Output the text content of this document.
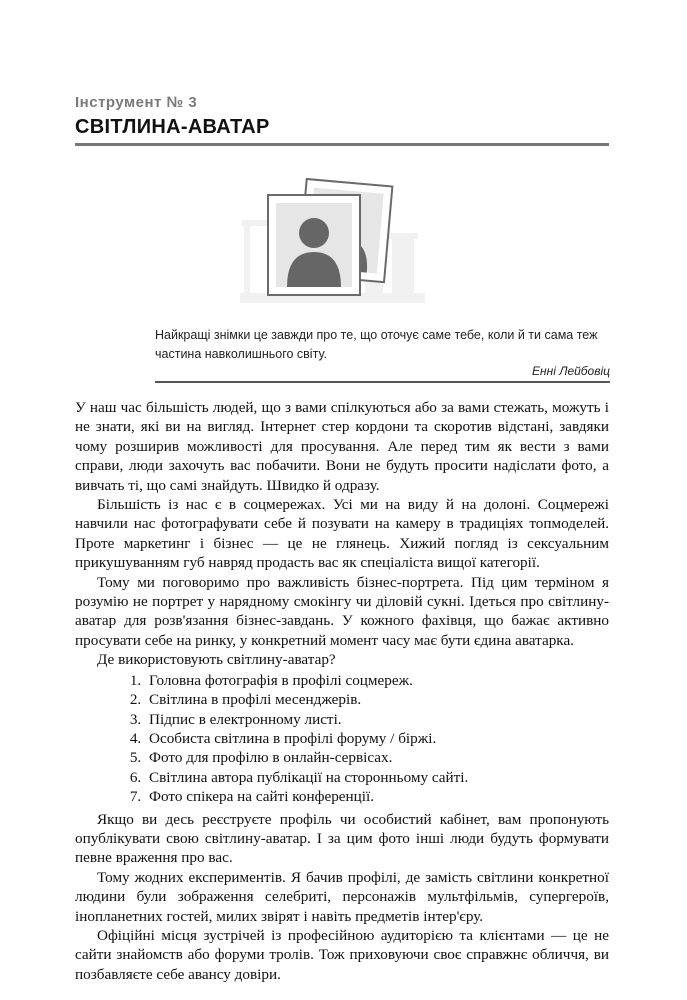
Інструмент № 3
СВІТЛИНА-АВАТАР
Найкращі знімки це завжди про те, що оточує саме тебе, коли й ти сама теж частина навколишнього світу.
Енні Лейбовіц

У наш час більшість людей, що з вами спілкуються або за вами стежать, можуть і не знати, які ви на вигляд. Інтернет стер кордони та скоротив відстані, завдяки чому розширив можливості для просування. Але перед тим як вести з вами справи, люди захочуть вас побачити. Вони не будуть просити надіслати фото, а вивчать ті, що самі знайдуть. Швидко й одразу.

Більшість із нас є в соцмережах. Усі ми на виду й на долоні. Соцмережі навчили нас фотографувати себе й позувати на камеру в традиціях топмоделей. Проте маркетинг і бізнес — це не глянець. Хижий погляд із сексуальним прикушуванням губ навряд продасть вас як спеціаліста вищої категорії.

Тому ми поговоримо про важливість бізнес-портрета. Під цим терміном я розумію не портрет у нарядному смокінгу чи діловій сукні. Ідеться про світлину-аватар для розв'язання бізнес-завдань. У кожного фахівця, що бажає активно просувати себе на ринку, у конкретний момент часу має бути єдина аватарка.

Де використовують світлину-аватар?

1. Головна фотографія в профілі соцмереж.
2. Світлина в профілі месенджерів.
3. Підпис в електронному листі.
4. Особиста світлина в профілі форуму / біржі.
5. Фото для профілю в онлайн-сервісах.
6. Світлина автора публікації на сторонньому сайті.
7. Фото спікера на сайті конференції.

Якщо ви десь реєструєте профіль чи особистий кабінет, вам пропонують опублікувати свою світлину-аватар. І за цим фото інші люди будуть формувати певне враження про вас.

Тому жодних експериментів. Я бачив профілі, де замість світлини конкретної людини були зображення селебриті, персонажів мультфільмів, супергероїв, інопланетних гостей, милих звірят і навіть предметів інтер'єру.

Офіційні місця зустрічей із професійною аудиторією та клієнтами — це не сайти знайомств або форуми тролів. Тож приховуючи своє справжнє обличчя, ви позбавляєте себе авансу довіри.
